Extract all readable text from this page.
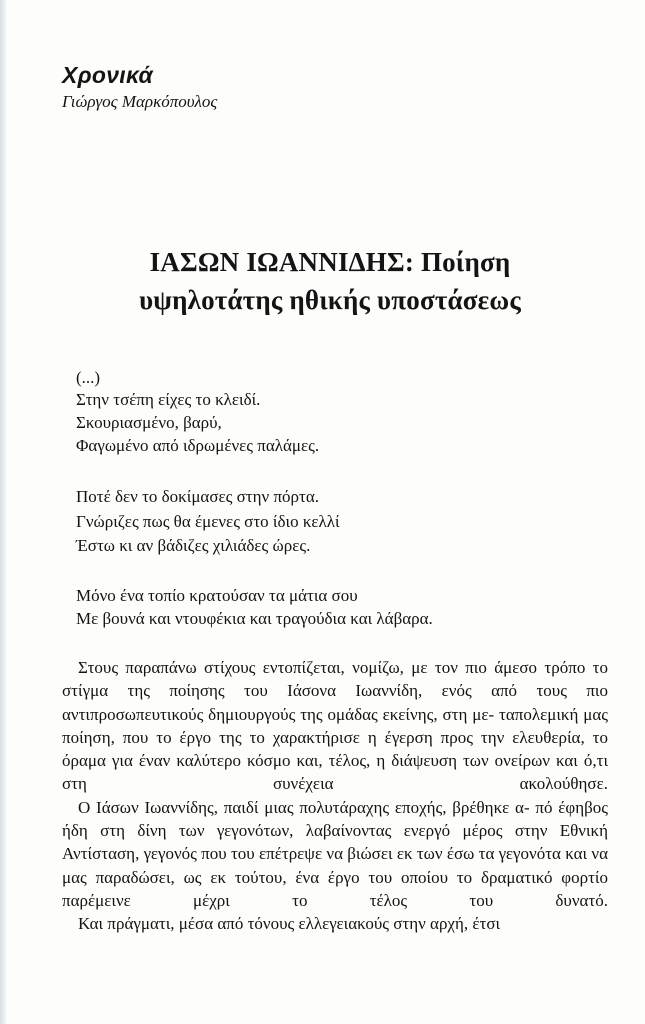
Χρονικά
Γιώργος Μαρκόπουλος
ΙΑΣΩΝ ΙΩΑΝΝΙΔΗΣ: Ποίηση
υψηλοτάτης ηθικής υποστάσεως
(...)
Στην τσέπη είχες το κλειδί.
Σκουριασμένο, βαρύ,
Φαγωμένο από ιδρωμένες παλάμες.
Ποτέ δεν το δοκίμασες στην πόρτα.
Γνώριζες πως θα έμενες στο ίδιο κελλί
Έστω κι αν βάδιζες χιλιάδες ώρες.
Μόνο ένα τοπίο κρατούσαν τα μάτια σου
Με βουνά και ντουφέκια και τραγούδια και λάβαρα.

Στους παραπάνω στίχους εντοπίζεται, νομίζω, με τον πιο άμεσο τρόπο το στίγμα της ποίησης του Ιάσονα Ιωαννίδη, ενός από τους πιο αντιπροσωπευτικούς δημιουργούς της ομάδας εκείνης, στη με- ταπολεμική μας ποίηση, που το έργο της το χαρακτήρισε η έγερση προς την ελευθερία, το όραμα για έναν καλύτερο κόσμο και, τέλος, η διάψευση των ονείρων και ό,τι στη συνέχεια ακολούθησε.

Ο Ιάσων Ιωαννίδης, παιδί μιας πολυτάραχης εποχής, βρέθηκε α- πό έφηβος ήδη στη δίνη των γεγονότων, λαβαίνοντας ενεργό μέρος στην Εθνική Αντίσταση, γεγονός που του επέτρεψε να βιώσει εκ των έσω τα γεγονότα και να μας παραδώσει, ως εκ τούτου, ένα έργο του οποίου το δραματικό φορτίο παρέμεινε μέχρι το τέλος του δυνατό.

Και πράγματι, μέσα από τόνους ελλεγειακούς στην αρχή, έτσι
